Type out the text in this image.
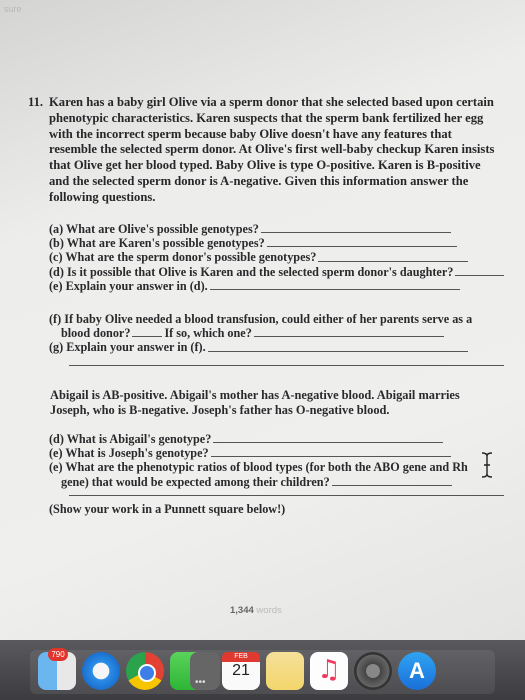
sure
11. Karen has a baby girl Olive via a sperm donor that she selected based upon certain phenotypic characteristics. Karen suspects that the sperm bank fertilized her egg with the incorrect sperm because baby Olive doesn't have any features that resemble the selected sperm donor. At Olive's first well-baby checkup Karen insists that Olive get her blood typed. Baby Olive is type O-positive. Karen is B-positive and the selected sperm donor is A-negative. Given this information answer the following questions.
(a) What are Olive's possible genotypes?
(b) What are Karen's possible genotypes?
(c) What are the sperm donor's possible genotypes?
(d) Is it possible that Olive is Karen and the selected sperm donor's daughter?
(e) Explain your answer in (d).
(f) If baby Olive needed a blood transfusion, could either of her parents serve as a
blood donor?	If so, which one?
(g) Explain your answer in (f).
Abigail is AB-positive. Abigail's mother has A-negative blood. Abigail marries Joseph, who is B-negative. Joseph's father has O-negative blood.
(d) What is Abigail's genotype?
(e) What is Joseph's genotype?
(e) What are the phenotypic ratios of blood types (for both the ABO gene and Rh
gene) that would be expected among their children?
(Show your work in a Punnett square below!)
1,344 words
790
•••
FEB
21	♫	A
